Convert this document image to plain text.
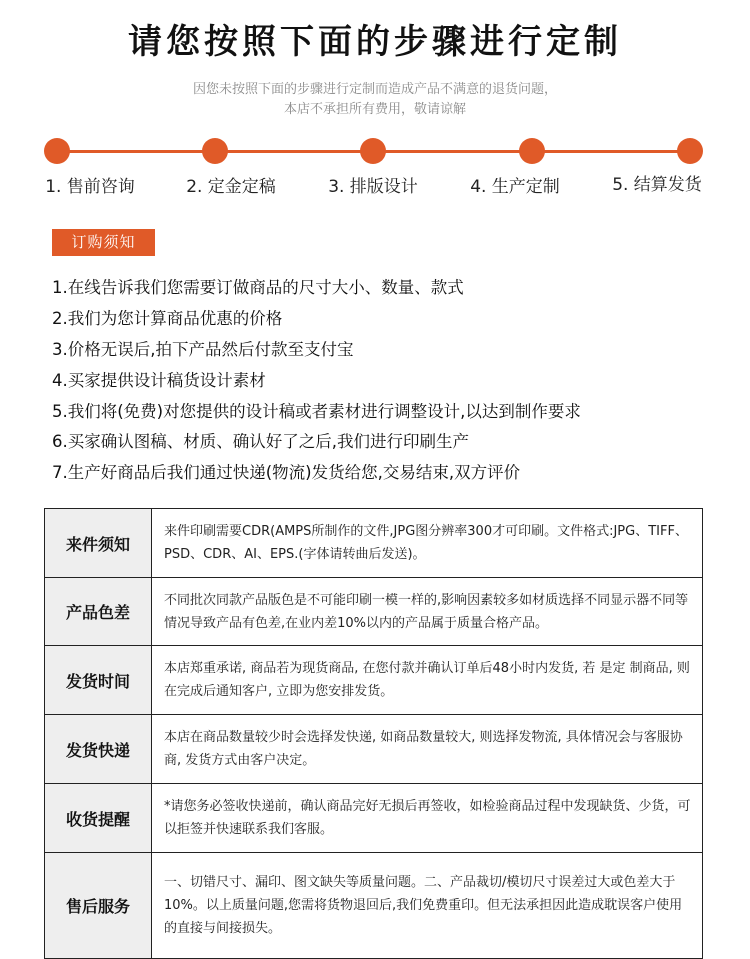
请您按照下面的步骤进行定制
因您未按照下面的步骤进行定制而造成产品不满意的退货问题，
本店不承担所有费用，敬请谅解
1. 售前咨询	2. 定金定稿	3. 排版设计	4. 生产定制	5. 结算发货
订购须知
1.在线告诉我们您需要订做商品的尺寸大小、数量、款式
2.我们为您计算商品优惠的价格
3.价格无误后,拍下产品然后付款至支付宝
4.买家提供设计稿货设计素材
5.我们将(免费)对您提供的设计稿或者素材进行调整设计,以达到制作要求
6.买家确认图稿、材质、确认好了之后,我们进行印刷生产
7.生产好商品后我们通过快递(物流)发货给您,交易结束,双方评价
来件须知	来件印刷需要CDR(AMPS所制作的文件,JPG图分辨率300才可印刷。文件格式:JPG、TIFF、PSD、CDR、AI、EPS.(字体请转曲后发送)。
产品色差	不同批次同款产品版色是不可能印刷一模一样的,影响因素较多如材质选择不同显示器不同等情况导致产品有色差,在业内差10%以内的产品属于质量合格产品。
发货时间	本店郑重承诺, 商品若为现货商品, 在您付款并确认订单后48小时内发货, 若 是定 制商品, 则在完成后通知客户, 立即为您安排发货。
发货快递	本店在商品数量较少时会选择发快递, 如商品数量较大, 则选择发物流, 具体情况会与客服协商, 发货方式由客户决定。
收货提醒	*请您务必签收快递前，确认商品完好无损后再签收，如检验商品过程中发现缺货、少货，可以拒签并快速联系我们客服。
售后服务	一、切错尺寸、漏印、图文缺失等质量问题。二、产品裁切/模切尺寸误差过大或色差大于10%。以上质量问题,您需将货物退回后,我们免费重印。但无法承担因此造成耽误客户使用的直接与间接损失。
